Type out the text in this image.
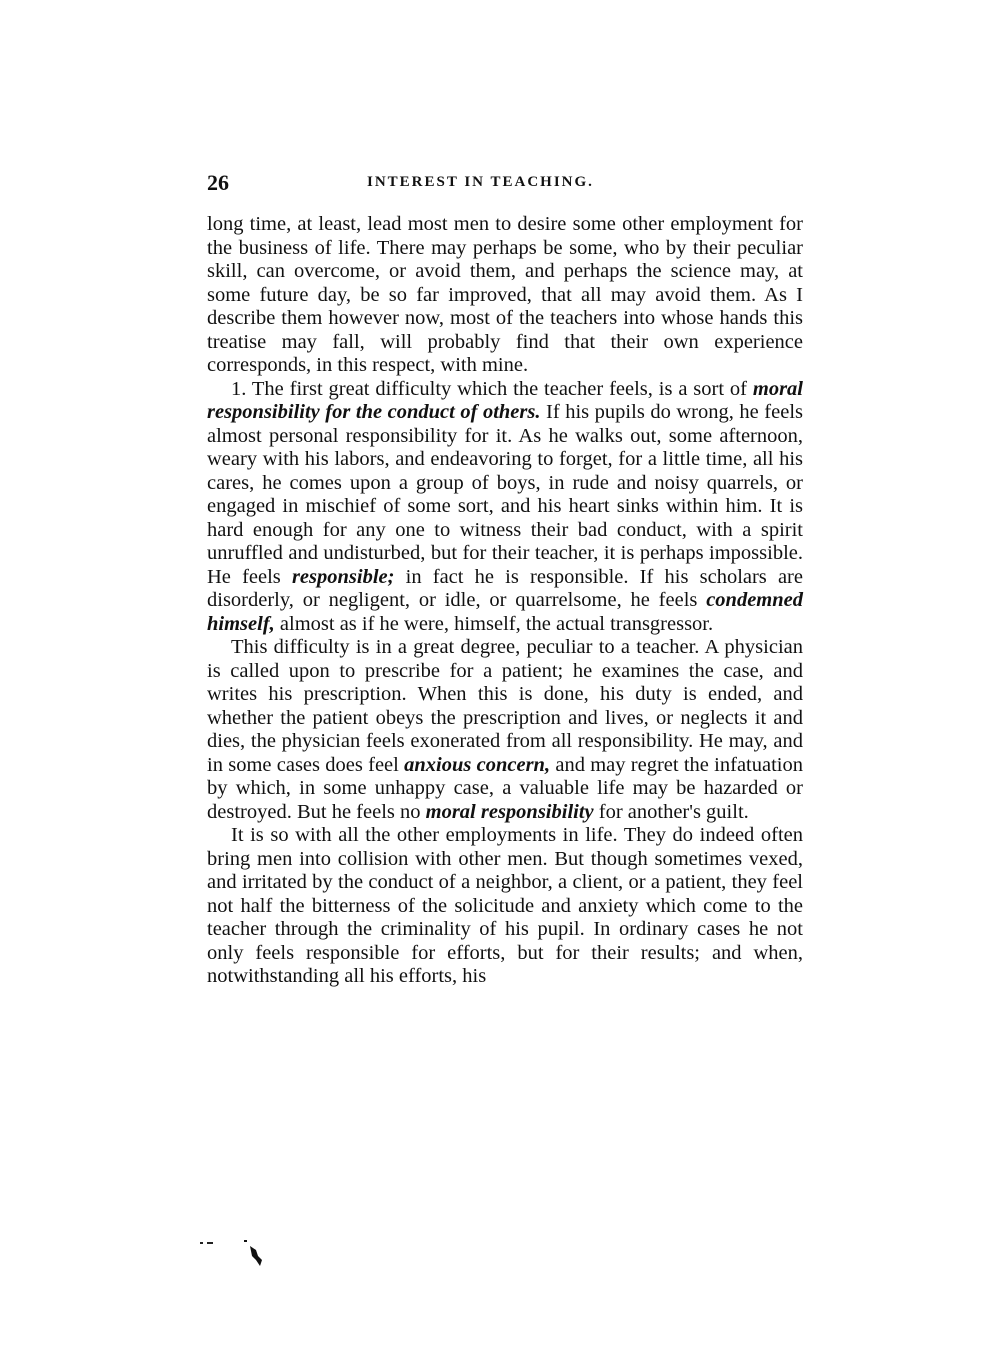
26	INTEREST IN TEACHING.

long time, at least, lead most men to desire some other employment for the business of life. There may perhaps be some, who by their peculiar skill, can overcome, or avoid them, and perhaps the science may, at some future day, be so far improved, that all may avoid them. As I describe them however now, most of the teachers into whose hands this treatise may fall, will probably find that their own experience corresponds, in this respect, with mine.

1. The first great difficulty which the teacher feels, is a sort of moral responsibility for the conduct of others. If his pupils do wrong, he feels almost personal responsibility for it. As he walks out, some afternoon, weary with his labors, and endeavoring to forget, for a little time, all his cares, he comes upon a group of boys, in rude and noisy quarrels, or engaged in mischief of some sort, and his heart sinks within him. It is hard enough for any one to witness their bad conduct, with a spirit unruffled and undisturbed, but for their teacher, it is perhaps impossible. He feels responsible; in fact he is responsible. If his scholars are disorderly, or negligent, or idle, or quarrelsome, he feels condemned himself, almost as if he were, himself, the actual transgressor.

This difficulty is in a great degree, peculiar to a teacher. A physician is called upon to prescribe for a patient; he examines the case, and writes his prescription. When this is done, his duty is ended, and whether the patient obeys the prescription and lives, or neglects it and dies, the physician feels exonerated from all responsibility. He may, and in some cases does feel anxious concern, and may regret the infatuation by which, in some unhappy case, a valuable life may be hazarded or destroyed. But he feels no moral responsibility for another's guilt.

It is so with all the other employments in life. They do indeed often bring men into collision with other men. But though sometimes vexed, and irritated by the conduct of a neighbor, a client, or a patient, they feel not half the bitterness of the solicitude and anxiety which come to the teacher through the criminality of his pupil. In ordinary cases he not only feels responsible for efforts, but for their results; and when, notwithstanding all his efforts, his
